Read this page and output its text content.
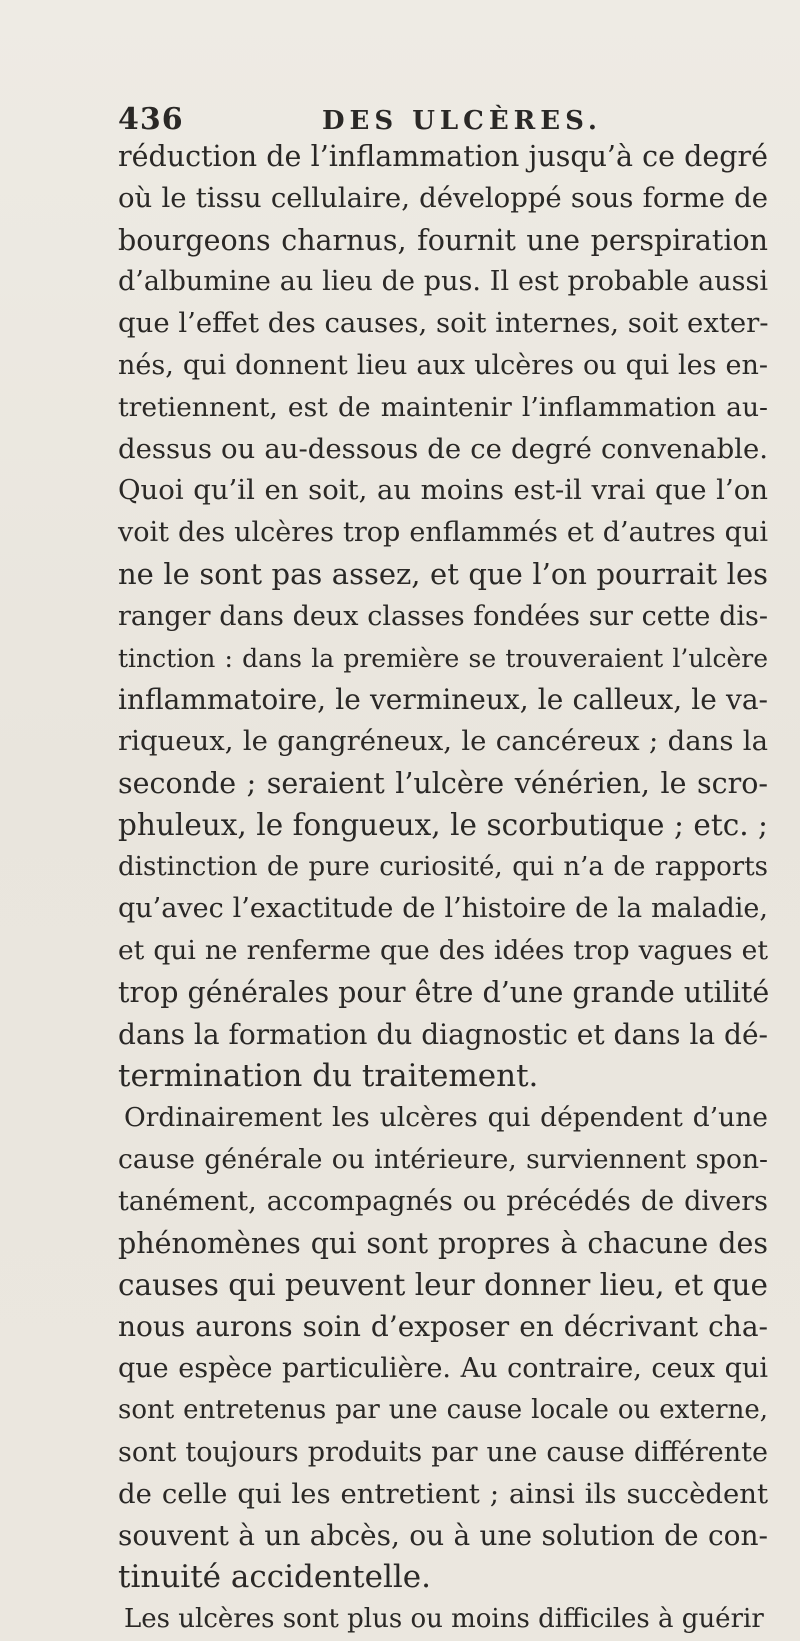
436	DES ULCÈRES.
réduction de l’inflammation jusqu’à ce degré
où le tissu cellulaire, développé sous forme de
bourgeons charnus, fournit une perspiration
d’albumine au lieu de pus. Il est probable aussi
que l’effet des causes, soit internes, soit exter-
nés, qui donnent lieu aux ulcères ou qui les en-
tretiennent, est de maintenir l’inflammation au-
dessus ou au-dessous de ce degré convenable.
Quoi qu’il en soit, au moins est-il vrai que l’on
voit des ulcères trop enflammés et d’autres qui
ne le sont pas assez, et que l’on pourrait les
ranger dans deux classes fondées sur cette dis-
tinction : dans la première se trouveraient l’ulcère
inflammatoire, le vermineux, le calleux, le va-
riqueux, le gangréneux, le cancéreux ; dans la
seconde ; seraient l’ulcère vénérien, le scro-
phuleux, le fongueux, le scorbutique ; etc. ;
distinction de pure curiosité, qui n’a de rapports
qu’avec l’exactitude de l’histoire de la maladie,
et qui ne renferme que des idées trop vagues et
trop générales pour être d’une grande utilité
dans la formation du diagnostic et dans la dé-
termination du traitement.
Ordinairement les ulcères qui dépendent d’une
cause générale ou intérieure, surviennent spon-
tanément, accompagnés ou précédés de divers
phénomènes qui sont propres à chacune des
causes qui peuvent leur donner lieu, et que
nous aurons soin d’exposer en décrivant cha-
que espèce particulière. Au contraire, ceux qui
sont entretenus par une cause locale ou externe,
sont toujours produits par une cause différente
de celle qui les entretient ; ainsi ils succèdent
souvent à un abcès, ou à une solution de con-
tinuité accidentelle.
Les ulcères sont plus ou moins difficiles à guérir
